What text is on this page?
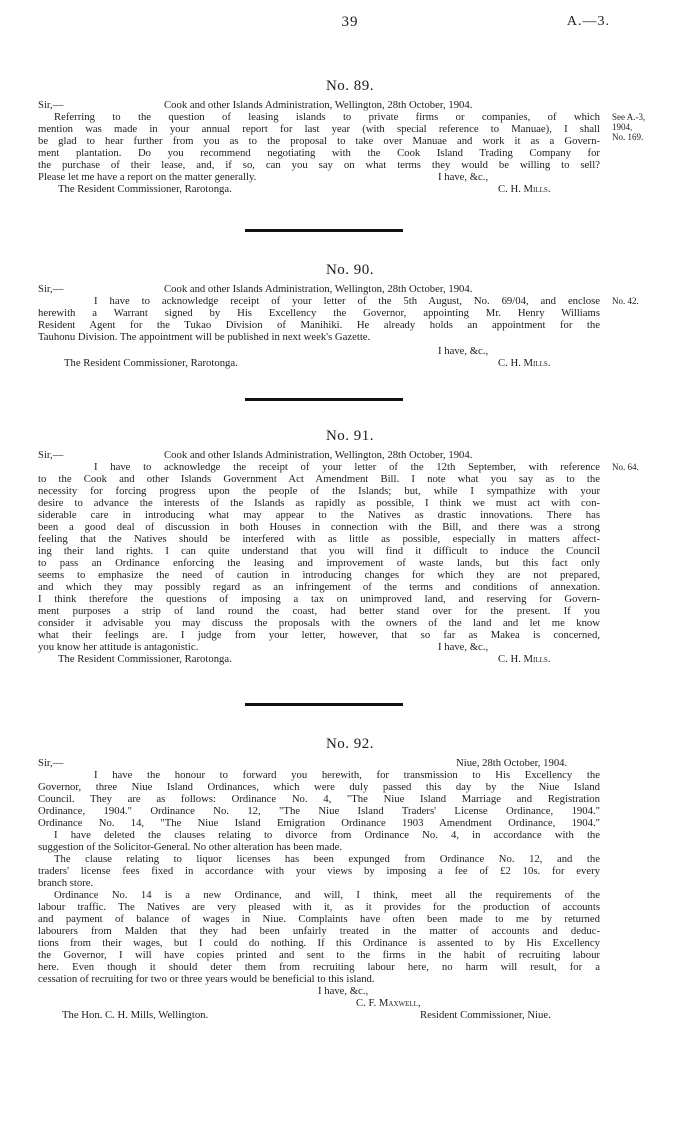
39	A.—3.
No. 89.
Sir,—	Cook and other Islands Administration, Wellington, 28th October, 1904.
Referring to the question of leasing islands to private firms or companies, of which
mention was made in your annual report for last year (with special reference to Manuae), I shall
be glad to hear further from you as to the proposal to take over Manuae and work it as a Govern-
ment plantation. Do you recommend negotiating with the Cook Island Trading Company for
the purchase of their lease, and, if so, can you say on what terms they would be willing to sell?
Please let me have a report on the matter generally.	I have, &c.,
The Resident Commissioner, Rarotonga.	C. H. Mills.
See A.-3,
1904,
No. 169.
No. 90.
Sir,—	Cook and other Islands Administration, Wellington, 28th October, 1904.
I have to acknowledge receipt of your letter of the 5th August, No. 69/04, and enclose
herewith a Warrant signed by His Excellency the Governor, appointing Mr. Henry Williams
Resident Agent for the Tukao Division of Manihiki. He already holds an appointment for the
Tauhonu Division. The appointment will be published in next week's Gazette.
I have, &c.,
The Resident Commissioner, Rarotonga.	C. H. Mills.
No. 42.
No. 91.
Sir,—	Cook and other Islands Administration, Wellington, 28th October, 1904.
I have to acknowledge the receipt of your letter of the 12th September, with reference
to the Cook and other Islands Government Act Amendment Bill. I note what you say as to the
necessity for forcing progress upon the people of the Islands; but, while I sympathize with your
desire to advance the interests of the Islands as rapidly as possible, I think we must act with con-
siderable care in introducing what may appear to the Natives as drastic innovations. There has
been a good deal of discussion in both Houses in connection with the Bill, and there was a strong
feeling that the Natives should be interfered with as little as possible, especially in matters affect-
ing their land rights. I can quite understand that you will find it difficult to induce the Council
to pass an Ordinance enforcing the leasing and improvement of waste lands, but this fact only
seems to emphasize the need of caution in introducing changes for which they are not prepared,
and which they may possibly regard as an infringement of the terms and conditions of annexation.
I think therefore the questions of imposing a tax on unimproved land, and reserving for Govern-
ment purposes a strip of land round the coast, had better stand over for the present. If you
consider it advisable you may discuss the proposals with the owners of the land and let me know
what their feelings are. I judge from your letter, however, that so far as Makea is concerned,
you know her attitude is antagonistic.	I have, &c.,
The Resident Commissioner, Rarotonga.	C. H. Mills.
No. 64.
No. 92.
Sir,—	Niue, 28th October, 1904.
I have the honour to forward you herewith, for transmission to His Excellency the
Governor, three Niue Island Ordinances, which were duly passed this day by the Niue Island
Council. They are as follows: Ordinance No. 4, "The Niue Island Marriage and Registration
Ordinance, 1904." Ordinance No. 12, "The Niue Island Traders' License Ordinance, 1904."
Ordinance No. 14, "The Niue Island Emigration Ordinance 1903 Amendment Ordinance, 1904."
I have deleted the clauses relating to divorce from Ordinance No. 4, in accordance with the
suggestion of the Solicitor-General. No other alteration has been made.
The clause relating to liquor licenses has been expunged from Ordinance No. 12, and the
traders' license fees fixed in accordance with your views by imposing a fee of £2 10s. for every
branch store.
Ordinance No. 14 is a new Ordinance, and will, I think, meet all the requirements of the
labour traffic. The Natives are very pleased with it, as it provides for the production of accounts
and payment of balance of wages in Niue. Complaints have often been made to me by returned
labourers from Malden that they had been unfairly treated in the matter of accounts and deduc-
tions from their wages, but I could do nothing. If this Ordinance is assented to by His Excellency
the Governor, I will have copies printed and sent to the firms in the habit of recruiting labour
here. Even though it should deter them from recruiting labour here, no harm will result, for a
cessation of recruiting for two or three years would be beneficial to this island.
I have, &c.,
C. F. Maxwell,
The Hon. C. H. Mills, Wellington.	Resident Commissioner, Niue.
